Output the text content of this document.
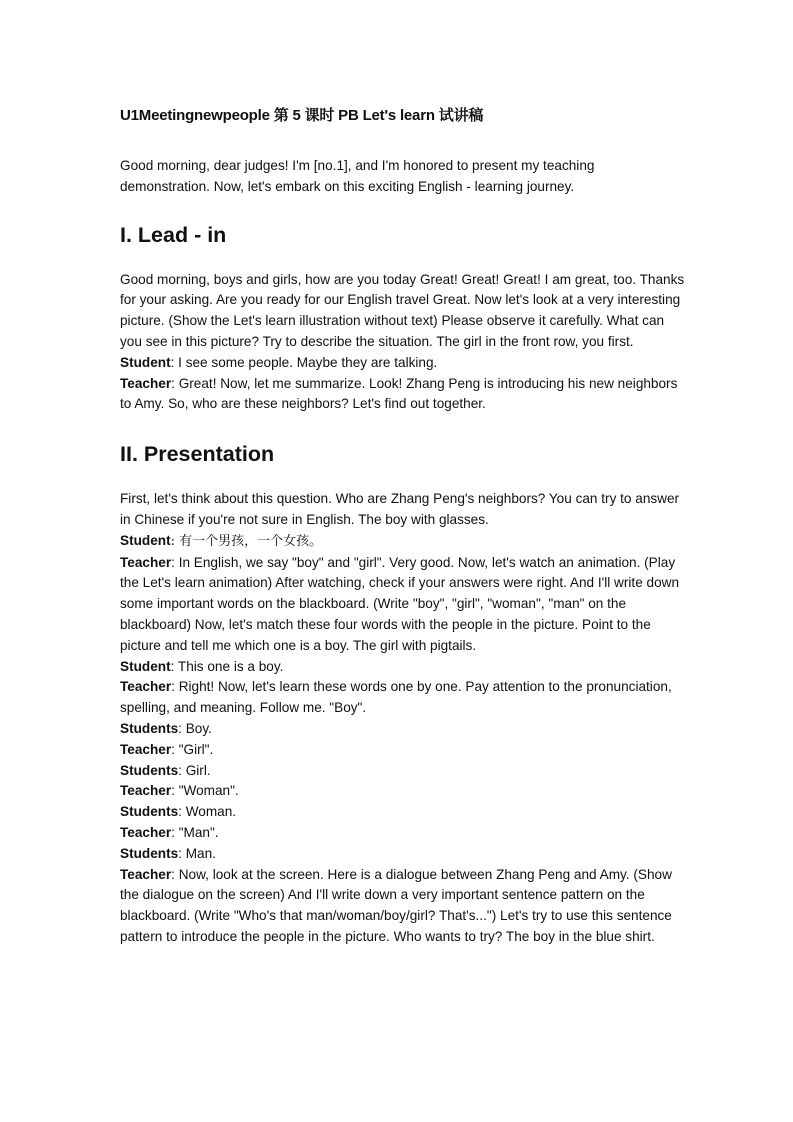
U1Meetingnewpeople 第 5 课时 PB Let's learn 试讲稿

Good morning, dear judges! I'm [no.1], and I'm honored to present my teaching demonstration. Now, let's embark on this exciting English - learning journey.

I. Lead - in

Good morning, boys and girls, how are you today Great! Great! Great! I am great, too. Thanks for your asking. Are you ready for our English travel Great. Now let's look at a very interesting picture. (Show the Let's learn illustration without text) Please observe it carefully. What can you see in this picture? Try to describe the situation. The girl in the front row, you first.

Student: I see some people. Maybe they are talking.

Teacher: Great! Now, let me summarize. Look! Zhang Peng is introducing his new neighbors to Amy. So, who are these neighbors? Let's find out together.

II. Presentation

First, let's think about this question. Who are Zhang Peng's neighbors? You can try to answer in Chinese if you're not sure in English. The boy with glasses.

Student: 有一个男孩，一个女孩。

Teacher: In English, we say "boy" and "girl". Very good. Now, let's watch an animation. (Play the Let's learn animation) After watching, check if your answers were right. And I'll write down some important words on the blackboard. (Write "boy", "girl", "woman", "man" on the blackboard) Now, let's match these four words with the people in the picture. Point to the picture and tell me which one is a boy. The girl with pigtails.

Student: This one is a boy.

Teacher: Right! Now, let's learn these words one by one. Pay attention to the pronunciation, spelling, and meaning. Follow me. "Boy".

Students: Boy.

Teacher: "Girl".

Students: Girl.

Teacher: "Woman".

Students: Woman.

Teacher: "Man".

Students: Man.

Teacher: Now, look at the screen. Here is a dialogue between Zhang Peng and Amy. (Show the dialogue on the screen) And I'll write down a very important sentence pattern on the blackboard. (Write "Who's that man/woman/boy/girl? That's...") Let's try to use this sentence pattern to introduce the people in the picture. Who wants to try? The boy in the blue shirt.
